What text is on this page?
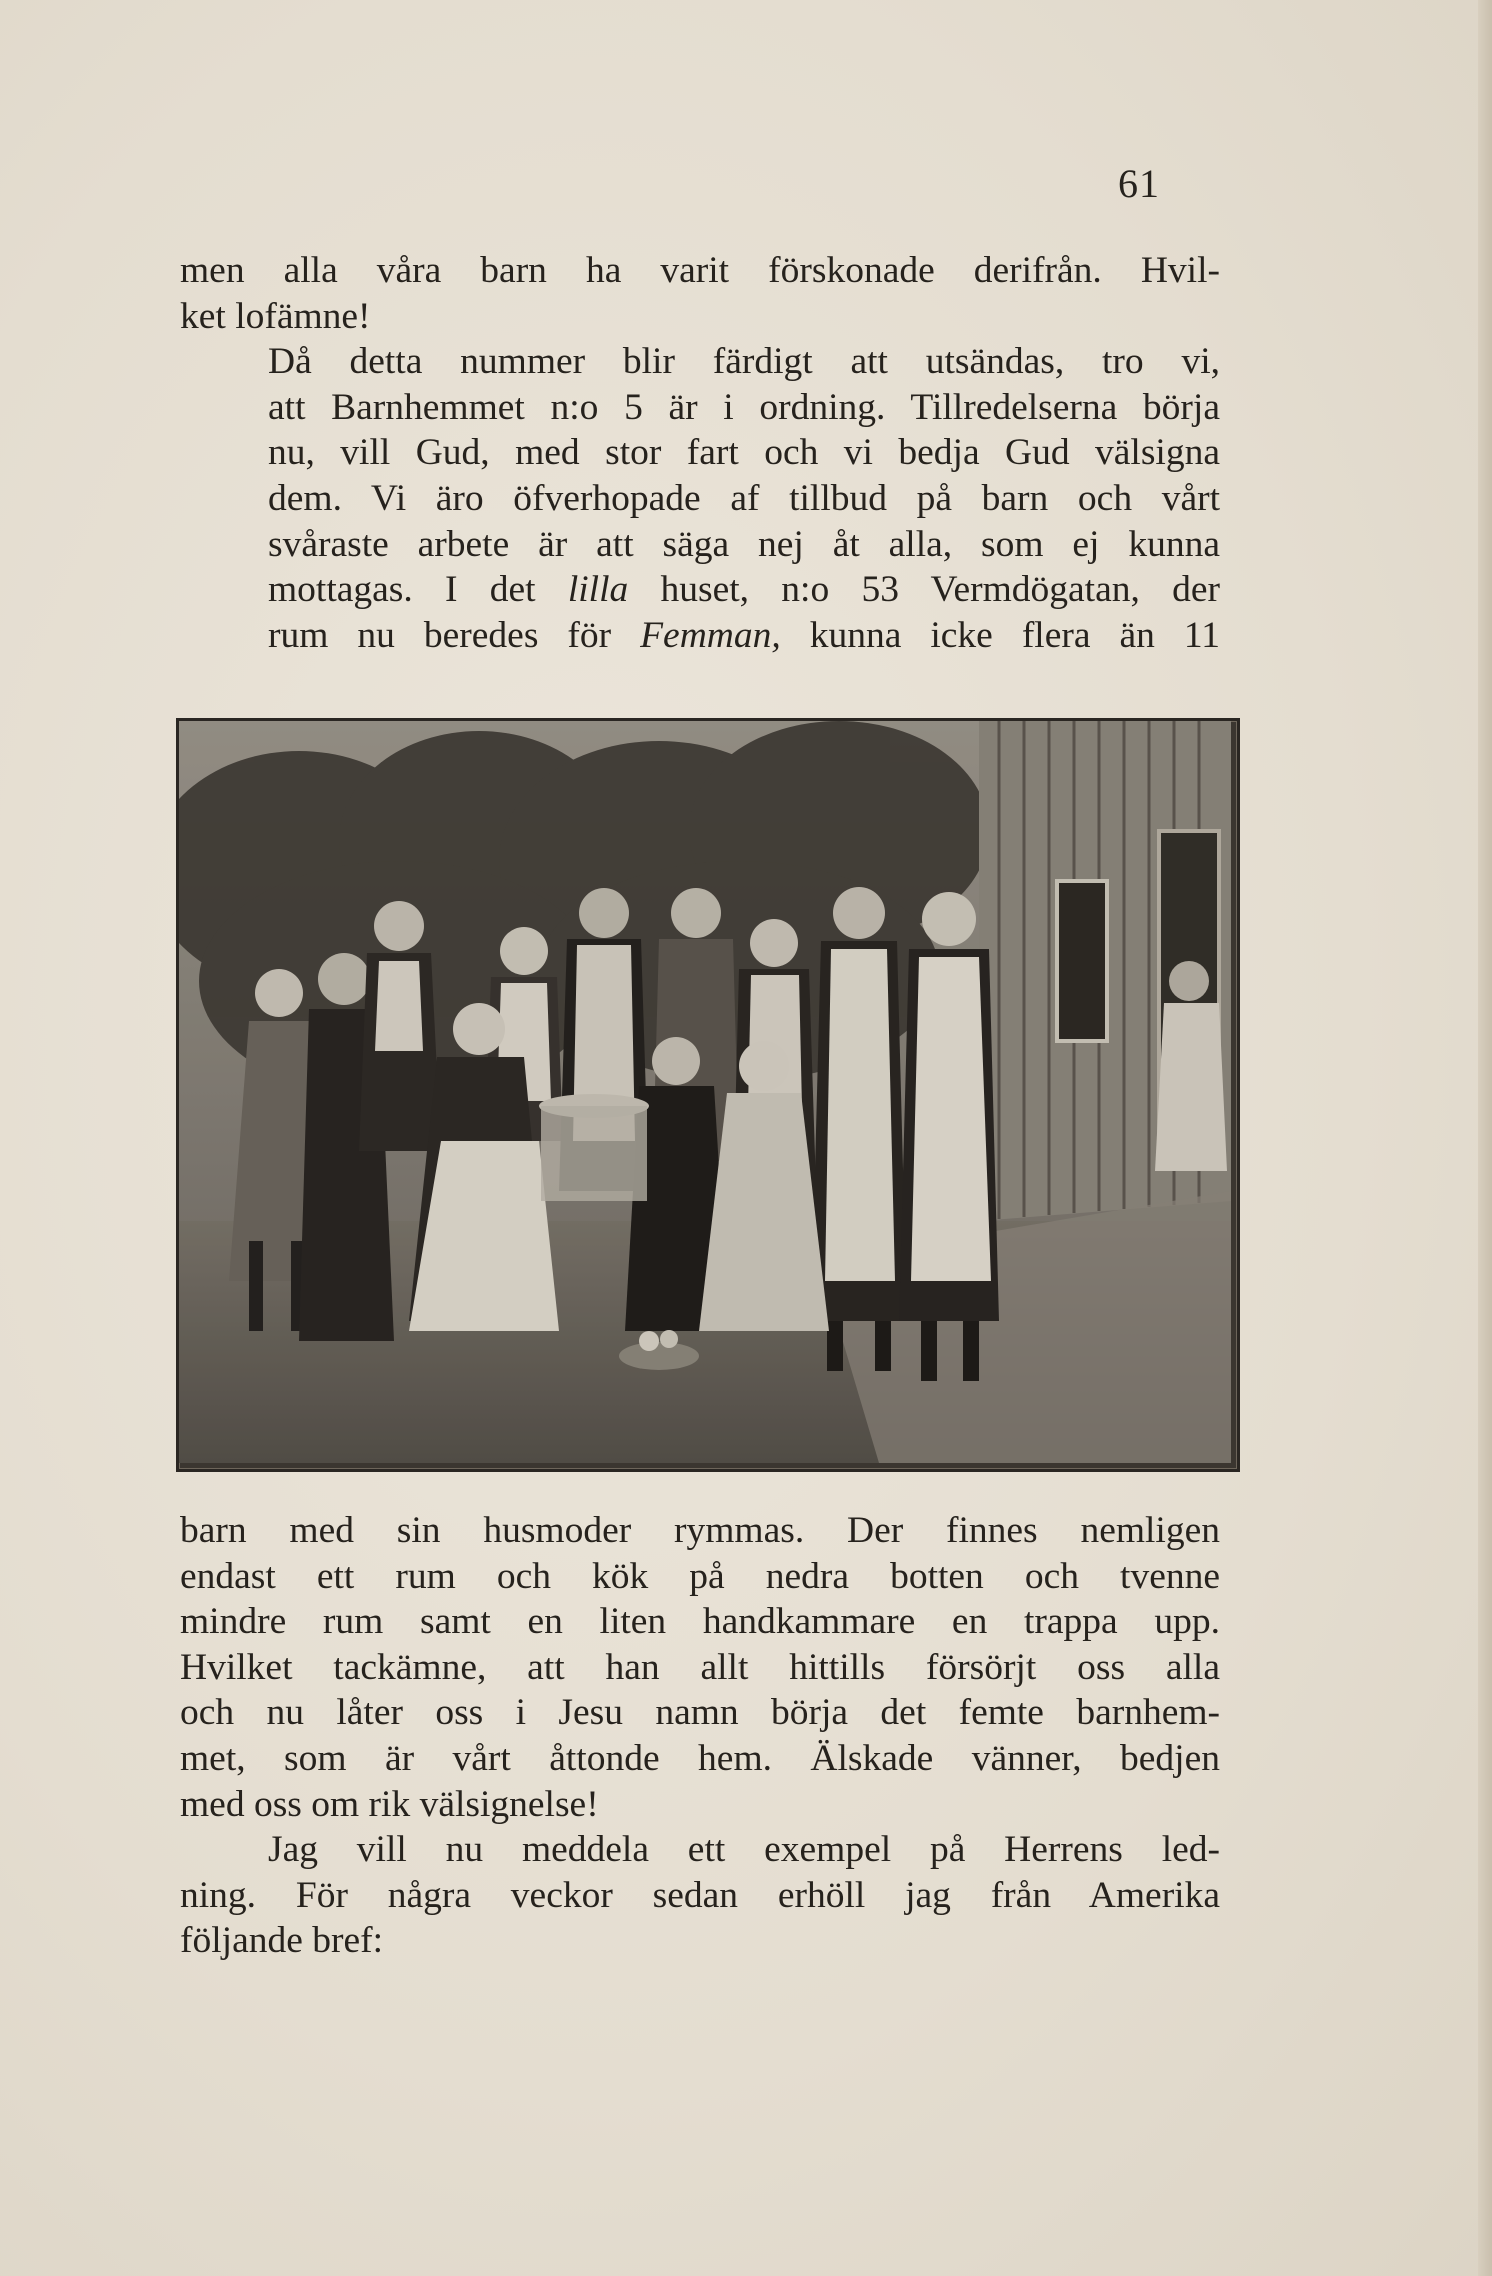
61

men alla våra barn ha varit förskonade derifrån. Hvil-
ket lofämne!

Då detta nummer blir färdigt att utsändas, tro vi,
att Barnhemmet n:o 5 är i ordning. Tillredelserna börja
nu, vill Gud, med stor fart och vi bedja Gud välsigna
dem. Vi äro öfverhopade af tillbud på barn och vårt
svåraste arbete är att säga nej åt alla, som ej kunna
mottagas. I det lilla huset, n:o 53 Vermdögatan, der
rum nu beredes för Femman, kunna icke flera än 11

barn med sin husmoder rymmas. Der finnes nemligen
endast ett rum och kök på nedra botten och tvenne
mindre rum samt en liten handkammare en trappa upp.
Hvilket tackämne, att han allt hittills försörjt oss alla
och nu låter oss i Jesu namn börja det femte barnhem-
met, som är vårt åttonde hem. Älskade vänner, bedjen
med oss om rik välsignelse!

Jag vill nu meddela ett exempel på Herrens led-
ning. För några veckor sedan erhöll jag från Amerika
följande bref:
